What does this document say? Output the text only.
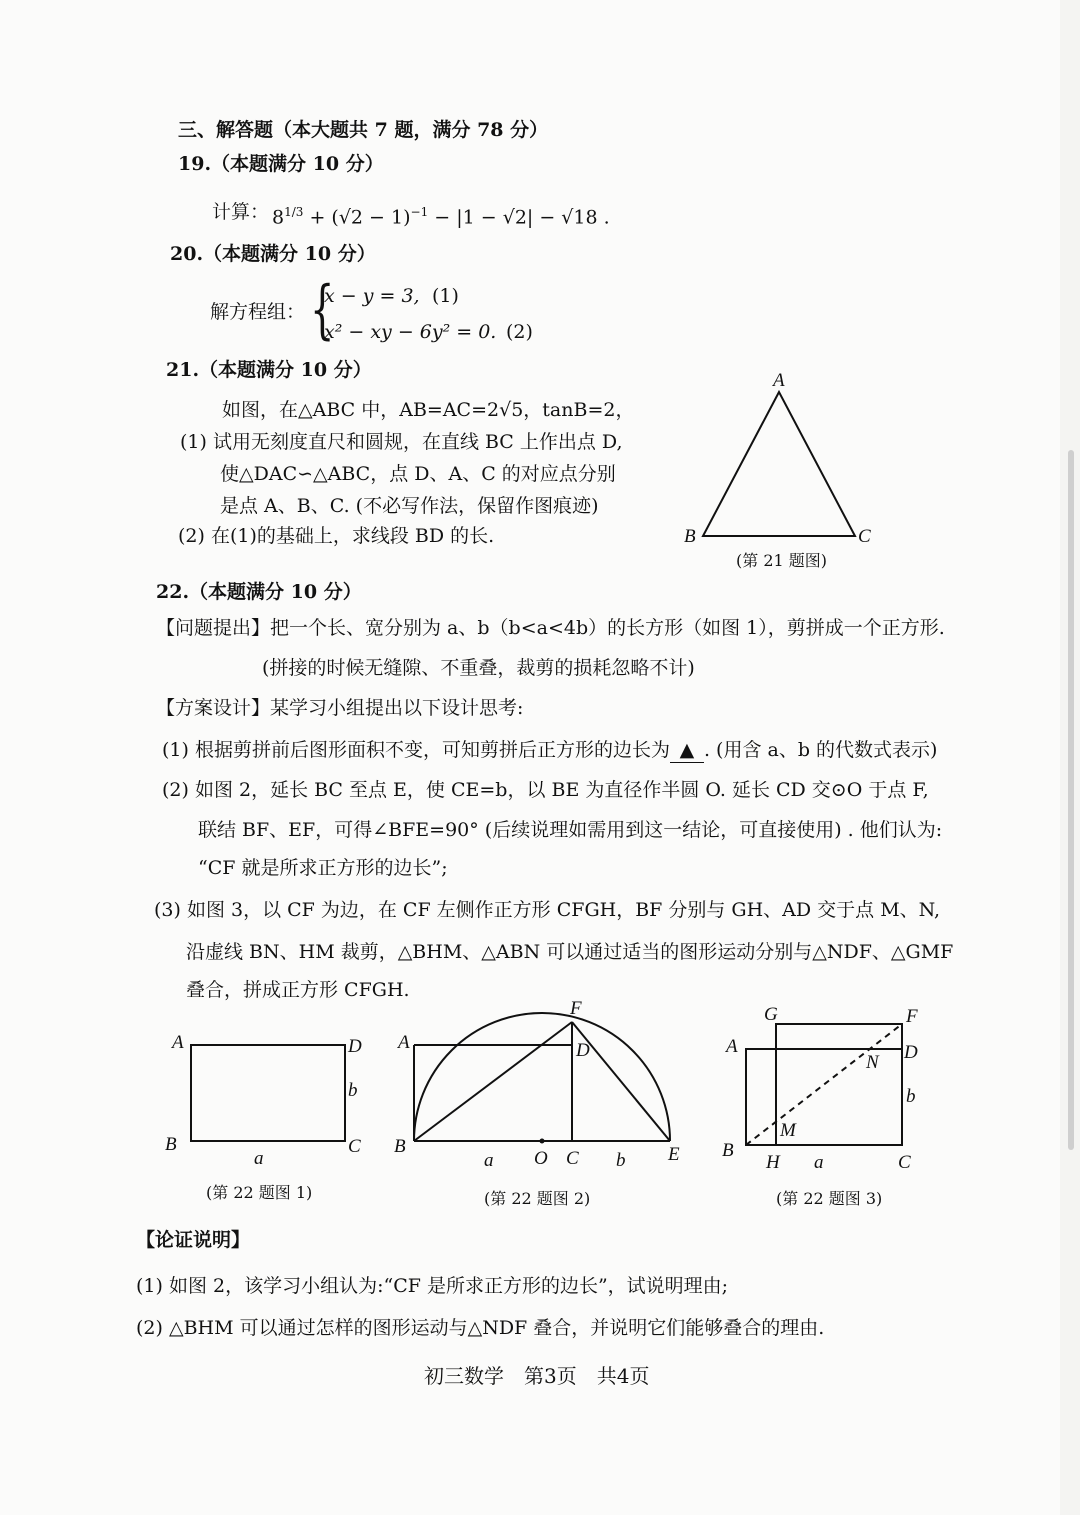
三、解答题（本大题共 7 题，满分 78 分）
19.（本题满分 10 分）
计算： $8^{1/3} + (√2 - 1)^{-1} - |1 - √2| - √18$ .
20.（本题满分 10 分）
解方程组： {
x − y = 3, (1)
x² − xy − 6y² = 0. (2)
21.（本题满分 10 分）
如图，在△ABC 中，AB=AC=2√5，tanB=2，
(1) 试用无刻度直尺和圆规，在直线 BC 上作出点 D,
使△DAC∽△ABC，点 D、A、C 的对应点分别
是点 A、B、C. (不必写作法，保留作图痕迹)
(2) 在(1)的基础上，求线段 BD 的长.
A
B	C
(第 21 题图)
22.（本题满分 10 分）
【问题提出】把一个长、宽分别为 a、b（b<a<4b）的长方形（如图 1），剪拼成一个正方形.
(拼接的时候无缝隙、不重叠，裁剪的损耗忽略不计)
【方案设计】某学习小组提出以下设计思考:
(1) 根据剪拼前后图形面积不变，可知剪拼后正方形的边长为 ▲ . (用含 a、b 的代数式表示)
(2) 如图 2，延长 BC 至点 E，使 CE=b，以 BE 为直径作半圆 O. 延长 CD 交⊙O 于点 F,
联结 BF、EF，可得∠BFE=90° (后续说理如需用到这一结论，可直接使用) . 他们认为:
“CF 就是所求正方形的边长”;
(3) 如图 3，以 CF 为边，在 CF 左侧作正方形 CFGH，BF 分别与 GH、AD 交于点 M、N,
沿虚线 BN、HM 裁剪，△BHM、△ABN 可以通过适当的图形运动分别与△NDF、△GMF
叠合，拼成正方形 CFGH.
A	D
B	C
b
a
(第 22 题图 1)
A
F
D
B	E
a O C b
(第 22 题图 2)
G	F
A	D
N
b
M
B
H a	C
(第 22 题图 3)
【论证说明】
(1) 如图 2，该学习小组认为:“CF 是所求正方形的边长”，试说明理由;
(2) △BHM 可以通过怎样的图形运动与△NDF 叠合，并说明它们能够叠合的理由.
初三数学　第3页　共4页
